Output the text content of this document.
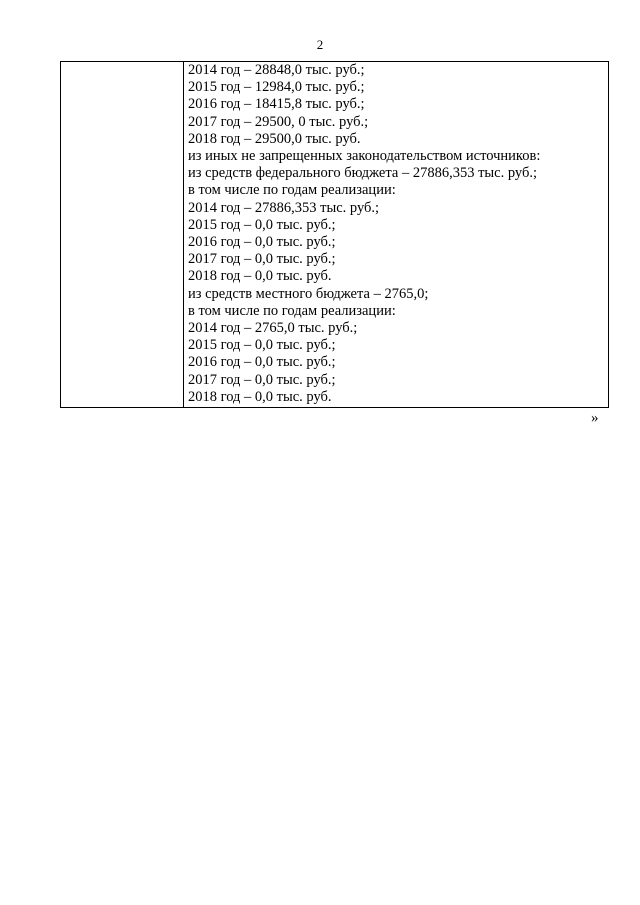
2

2014 год – 28848,0 тыс. руб.;
2015 год – 12984,0 тыс. руб.;
2016 год – 18415,8 тыс. руб.;
2017 год – 29500, 0 тыс. руб.;
2018 год – 29500,0 тыс. руб.
из иных не запрещенных законодательством источников:
из средств федерального бюджета – 27886,353 тыс. руб.;
в том числе по годам реализации:
2014 год – 27886,353 тыс. руб.;
2015 год – 0,0 тыс. руб.;
2016 год – 0,0 тыс. руб.;
2017 год – 0,0 тыс. руб.;
2018 год – 0,0 тыс. руб.
из средств местного бюджета – 2765,0;
в том числе по годам реализации:
2014 год – 2765,0 тыс. руб.;
2015 год – 0,0 тыс. руб.;
2016 год – 0,0 тыс. руб.;
2017 год – 0,0 тыс. руб.;
2018 год – 0,0 тыс. руб.
»
